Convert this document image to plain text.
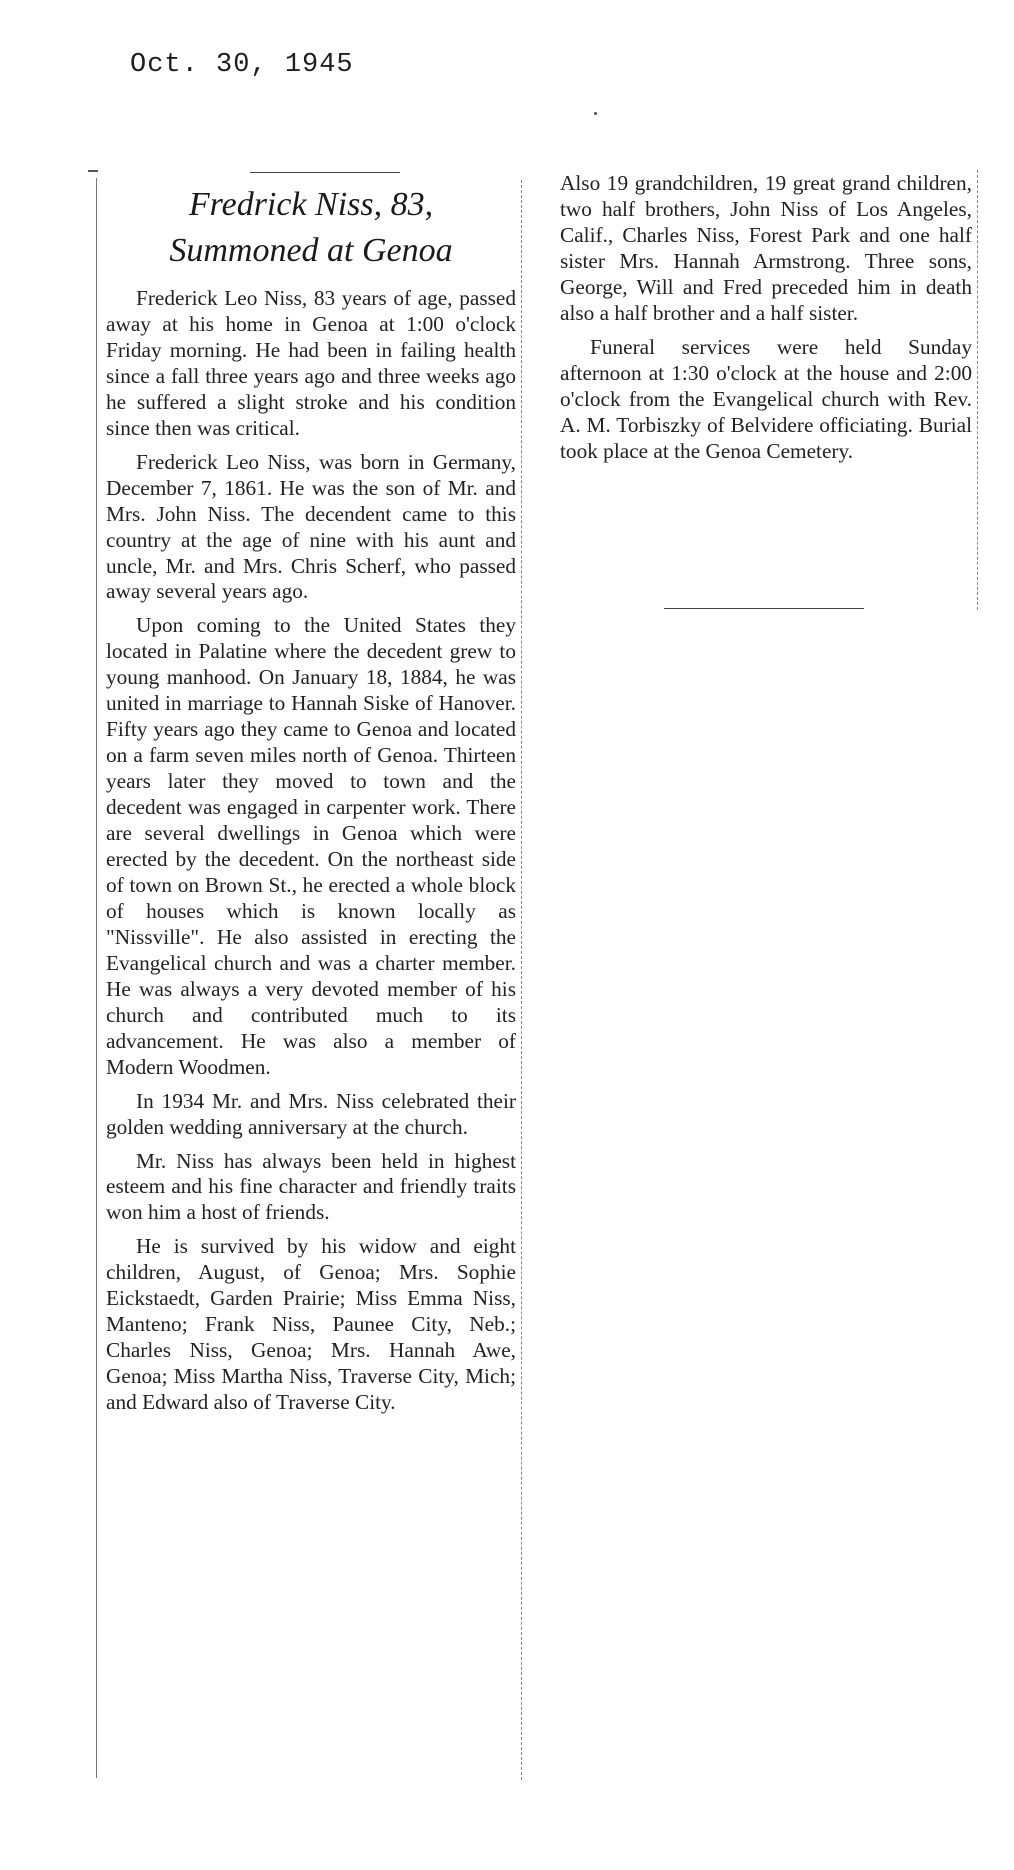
Oct. 30, 1945
Fredrick Niss, 83,
Summoned at Genoa

Frederick Leo Niss, 83 years of age, passed away at his home in Genoa at 1:00 o'clock Friday morning. He had been in failing health since a fall three years ago and three weeks ago he suffered a slight stroke and his condition since then was critical.

Frederick Leo Niss, was born in Germany, December 7, 1861. He was the son of Mr. and Mrs. John Niss. The decendent came to this country at the age of nine with his aunt and uncle, Mr. and Mrs. Chris Scherf, who passed away several years ago.

Upon coming to the United States they located in Palatine where the decedent grew to young manhood. On January 18, 1884, he was united in marriage to Hannah Siske of Hanover. Fifty years ago they came to Genoa and located on a farm seven miles north of Genoa. Thirteen years later they moved to town and the decedent was engaged in carpenter work. There are several dwellings in Genoa which were erected by the decedent. On the northeast side of town on Brown St., he erected a whole block of houses which is known locally as "Nissville". He also assisted in erecting the Evangelical church and was a charter member. He was always a very devoted member of his church and contributed much to its advancement. He was also a member of Modern Woodmen.

In 1934 Mr. and Mrs. Niss celebrated their golden wedding anniversary at the church.

Mr. Niss has always been held in highest esteem and his fine character and friendly traits won him a host of friends.

He is survived by his widow and eight children, August, of Genoa; Mrs. Sophie Eickstaedt, Garden Prairie; Miss Emma Niss, Manteno; Frank Niss, Paunee City, Neb.; Charles Niss, Genoa; Mrs. Hannah Awe, Genoa; Miss Martha Niss, Traverse City, Mich; and Edward also of Traverse City.

Also 19 grandchildren, 19 great grand children, two half brothers, John Niss of Los Angeles, Calif., Charles Niss, Forest Park and one half sister Mrs. Hannah Armstrong. Three sons, George, Will and Fred preceded him in death also a half brother and a half sister.

Funeral services were held Sunday afternoon at 1:30 o'clock at the house and 2:00 o'clock from the Evangelical church with Rev. A. M. Torbiszky of Belvidere officiating. Burial took place at the Genoa Cemetery.
